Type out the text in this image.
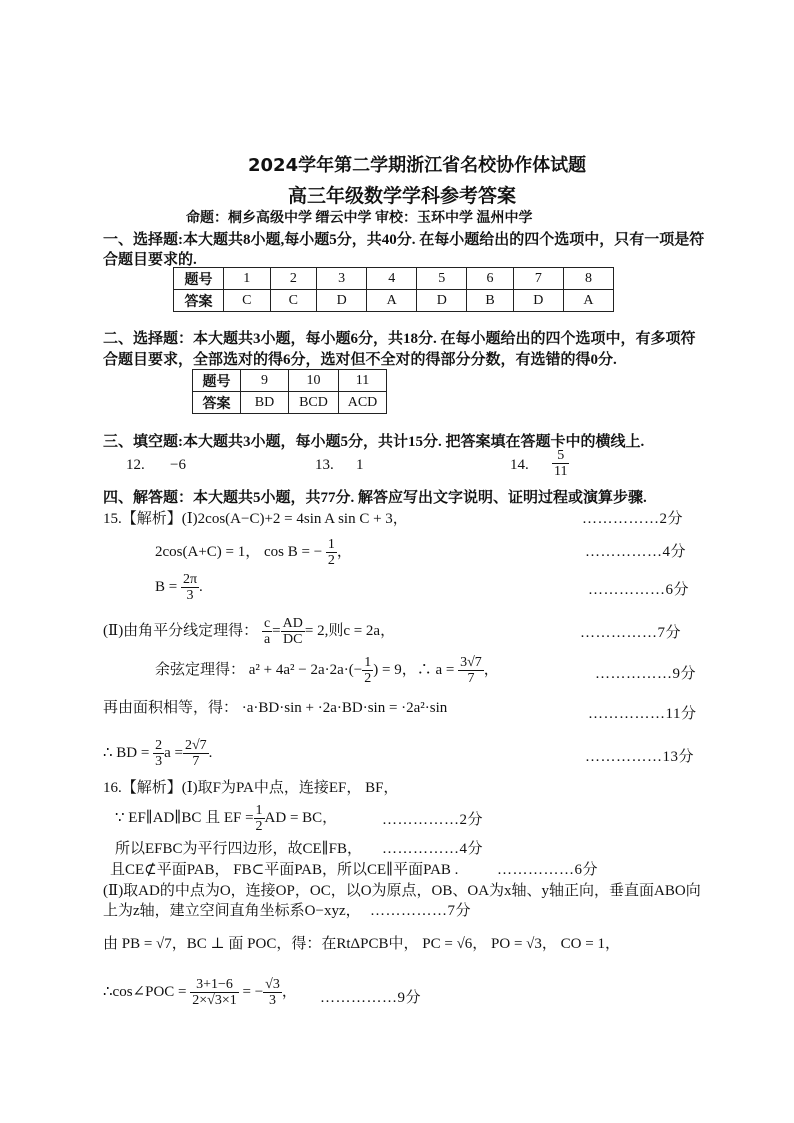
2024学年第二学期浙江省名校协作体试题
高三年级数学学科参考答案
命题：桐乡高级中学 缙云中学 审校：玉环中学 温州中学
一、选择题:本大题共8小题,每小题5分，共40分. 在每小题给出的四个选项中，只有一项是符
合题目要求的.
题号	1	2	3	4	5	6	7	8
答案	C	C	D	A	D	B	D	A
二、选择题：本大题共3小题，每小题6分，共18分. 在每小题给出的四个选项中，有多项符
合题目要求，全部选对的得6分，选对但不全对的得部分分数，有选错的得0分.
题号	9	10	11
答案	BD	BCD	ACD
三、填空题:本大题共3小题，每小题5分，共计15分. 把答案填在答题卡中的横线上.
12. −6	13. 1	14. $\frac{5}{11}$
四、解答题：本大题共5小题，共77分. 解答应写出文字说明、证明过程或演算步骤.
15.【解析】(Ⅰ)2cos(A−C)+2 = 4sin A sin C + 3，	……………2分
2cos(A+C) = 1， cos B = − $\frac{1}{2}$ ，	……………4分
$B = \frac{2\pi}{3}$ .	……………6分
(Ⅱ)由角平分线定理得： $\frac{c}{a} = \frac{AD}{DC} = 2$,则c = 2a，	……………7分
余弦定理得： $a^2 + 4a^2 - 2a\cdot 2a\cdot(- \frac{1}{2}$ ) = 9，∴ $a = \frac{3√7}{7}$ ，	……………9分
再由面积相等，得： ·a·BD·sin + ·2a·BD·sin = ·2a²·sin	……………11分
∴ BD = $\frac{2}{3}$ $a = \frac{2√7}{7}$ .	……………13分
16.【解析】(Ⅰ)取F为PA中点，连接EF， BF，
∵ EF∥AD∥BC 且 EF = $\frac{1}{2}$ AD = BC，	……………2分
所以EFBC为平行四边形，故CE∥FB， ……………4分
且CE⊄平面PAB， FB⊂平面PAB，所以CE∥平面PAB .	……………6分
(Ⅱ)取AD的中点为O，连接OP，OC，以O为原点，OB、OA为x轴、y轴正向，垂直面ABO向
上为z轴，建立空间直角坐标系O−xyz， ……………7分
由 PB = √7，BC ⊥ 面 POC，得：在RtΔPCB中， PC = √6， PO = √3， CO = 1，
∴cos∠POC = $\frac{3+1-6}{2\times√3\times 1}$ = − $\frac{√3}{3}$ ， ……………9分
